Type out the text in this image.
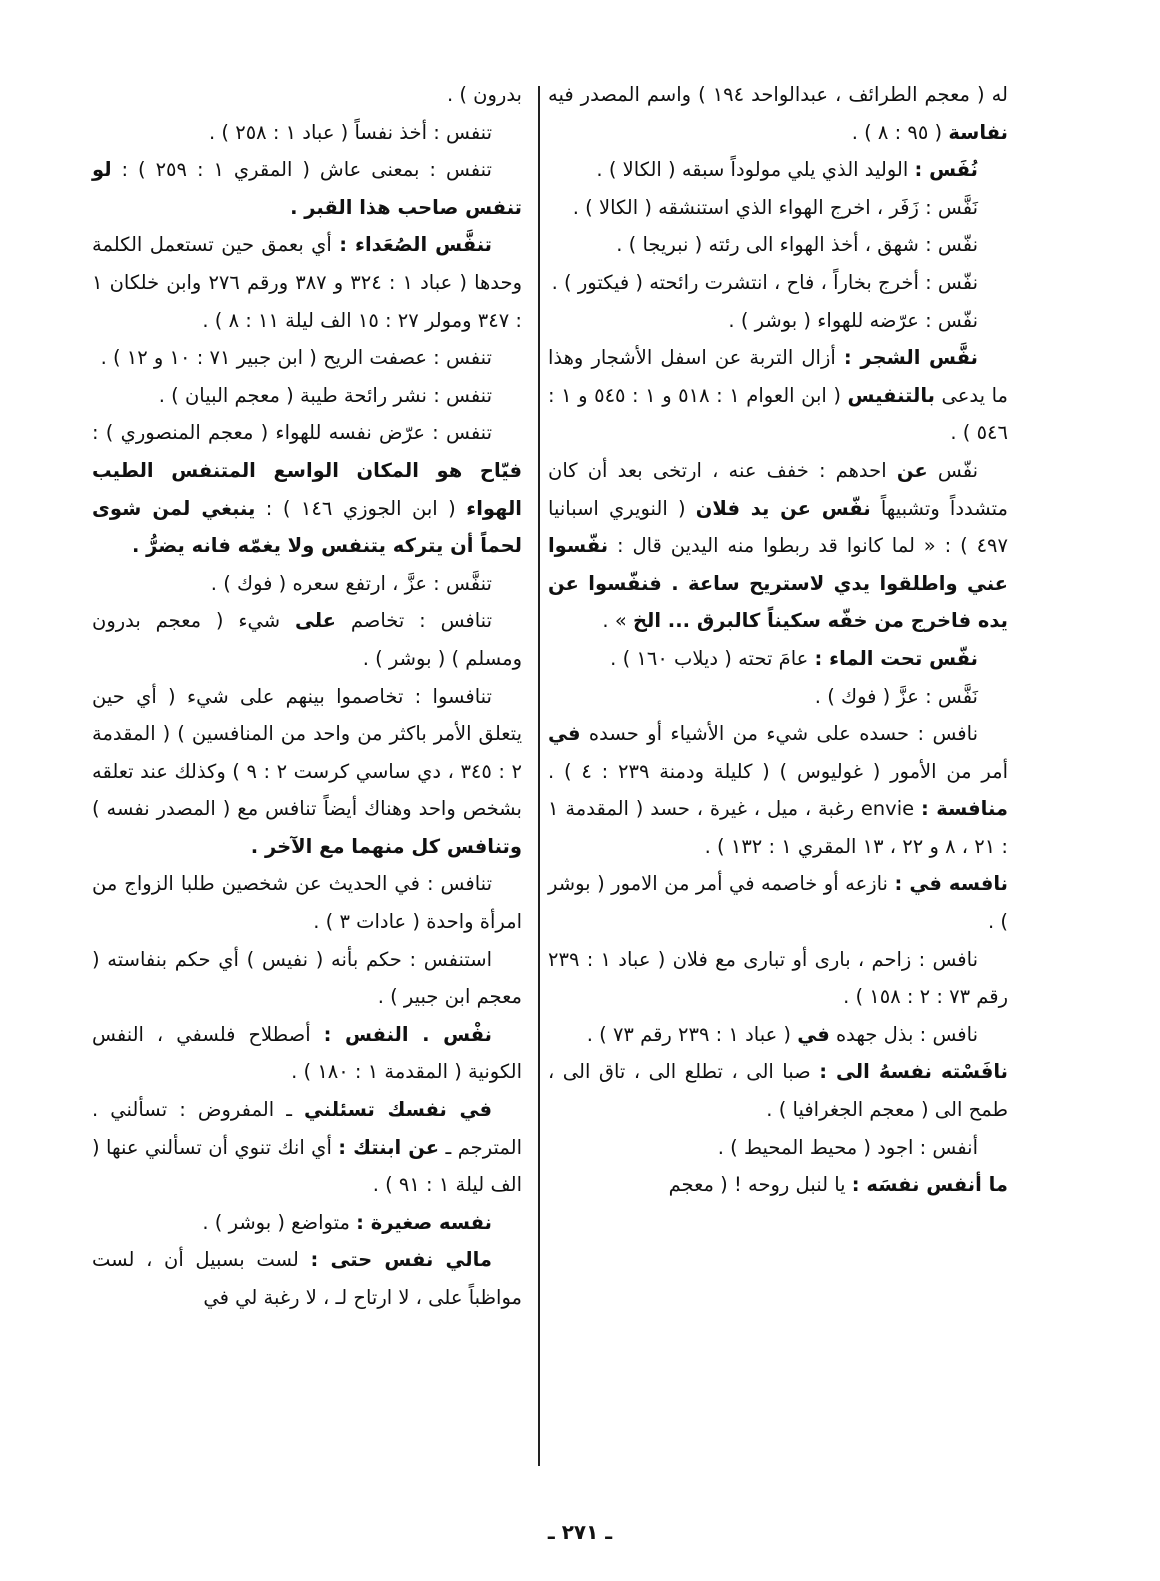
له ( معجم الطرائف ، عبدالواحد ١٩٤ ) واسم المصدر فيه نفاسة ( ٩٥ : ٨ ) .

نُفَس : الوليد الذي يلي مولوداً سبقه ( الكالا ) .

نَفَّس : زَفَر ، اخرج الهواء الذي استنشقه ( الكالا ) .

نفّس : شهق ، أخذ الهواء الى رئته ( نبريجا ) .

نفّس : أخرج بخاراً ، فاح ، انتشرت رائحته ( فيكتور ) .

نفّس : عرّضه للهواء ( بوشر ) .

نفَّس الشجر : أزال التربة عن اسفل الأشجار وهذا ما يدعى بالتنفيس ( ابن العوام ١ : ٥١٨ و ١ : ٥٤٥ و ١ : ٥٤٦ ) .

نفّس عن احدهم : خفف عنه ، ارتخى بعد أن كان متشدداً وتشبيهاً نفّس عن يد فلان ( النويري اسبانيا ٤٩٧ ) : « لما كانوا قد ربطوا منه اليدين قال : نفّسوا عني واطلقوا يدي لاستريح ساعة . فنفّسوا عن يده فاخرج من خفّه سكيناً كالبرق ... الخ » .

نفّس تحت الماء : عامَ تحته ( ديلاب ١٦٠ ) .

نَفَّس : عزَّ ( فوك ) .

نافس : حسده على شيء من الأشياء أو حسده في أمر من الأمور ( غوليوس ) ( كليلة ودمنة ٢٣٩ : ٤ ) . منافسة : envie رغبة ، ميل ، غيرة ، حسد ( المقدمة ١ : ٢١ ، ٨ و ٢٢ ، ١٣ المقري ١ : ١٣٢ ) .

نافسه في : نازعه أو خاصمه في أمر من الامور ( بوشر ) .

نافس : زاحم ، بارى أو تبارى مع فلان ( عباد ١ : ٢٣٩ رقم ٧٣ : ٢ : ١٥٨ ) .

نافس : بذل جهده في ( عباد ١ : ٢٣٩ رقم ٧٣ ) .

نافَسْته نفسهُ الى : صبا الى ، تطلع الى ، تاق الى ، طمح الى ( معجم الجغرافيا ) .

أنفس : اجود ( محيط المحيط ) .

ما أنفس نفسَه : يا لنبل روحه ! ( معجم

بدرون ) .

تنفس : أخذ نفساً ( عباد ١ : ٢٥٨ ) .

تنفس : بمعنى عاش ( المقري ١ : ٢٥٩ ) : لو تنفس صاحب هذا القبر .

تنفَّس الصُعَداء : أي بعمق حين تستعمل الكلمة وحدها ( عباد ١ : ٣٢٤ و ٣٨٧ ورقم ٢٧٦ وابن خلكان ١ : ٣٤٧ ومولر ٢٧ : ١٥ الف ليلة ١١ : ٨ ) .

تنفس : عصفت الريح ( ابن جبير ٧١ : ١٠ و ١٢ ) .

تنفس : نشر رائحة طيبة ( معجم البيان ) .

تنفس : عرّض نفسه للهواء ( معجم المنصوري ) : فيّاح هو المكان الواسع المتنفس الطيب الهواء ( ابن الجوزي ١٤٦ ) : ينبغي لمن شوى لحماً أن يتركه يتنفس ولا يغمّه فانه يضرُّ .

تنفَّس : عزَّ ، ارتفع سعره ( فوك ) .

تنافس : تخاصم على شيء ( معجم بدرون ومسلم ) ( بوشر ) .

تنافسوا : تخاصموا بينهم على شيء ( أي حين يتعلق الأمر باكثر من واحد من المنافسين ) ( المقدمة ٢ : ٣٤٥ ، دي ساسي كرست ٢ : ٩ ) وكذلك عند تعلقه بشخص واحد وهناك أيضاً تنافس مع ( المصدر نفسه ) وتنافس كل منهما مع الآخر .

تنافس : في الحديث عن شخصين طلبا الزواج من امرأة واحدة ( عادات ٣ ) .

استنفس : حكم بأنه ( نفيس ) أي حكم بنفاسته ( معجم ابن جبير ) .

نفْس . النفس : أصطلاح فلسفي ، النفس الكونية ( المقدمة ١ : ١٨٠ ) .

في نفسك تسئلني ـ المفروض : تسألني . المترجم ـ عن ابنتك : أي انك تنوي أن تسألني عنها ( الف ليلة ١ : ٩١ ) .

نفسه صغيرة : متواضع ( بوشر ) .

مالي نفس حتى : لست بسبيل أن ، لست مواظباً على ، لا ارتاح لـ ، لا رغبة لي في

ـ ٢٧١ ـ
